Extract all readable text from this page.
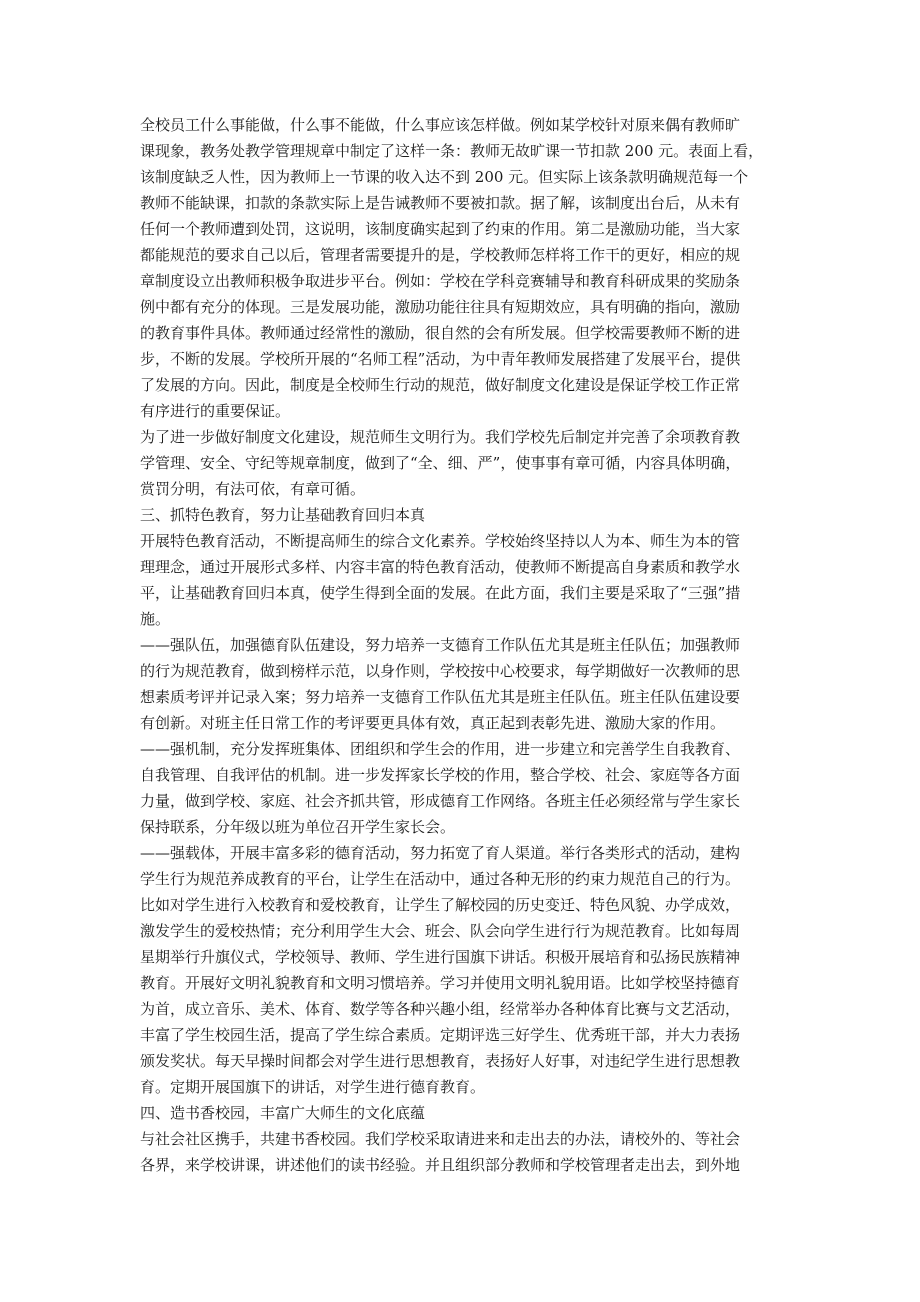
全校员工什么事能做，什么事不能做，什么事应该怎样做。例如某学校针对原来偶有教师旷
课现象，教务处教学管理规章中制定了这样一条：教师无故旷课一节扣款 200 元。表面上看，
该制度缺乏人性，因为教师上一节课的收入达不到 200 元。但实际上该条款明确规范每一个
教师不能缺课，扣款的条款实际上是告诫教师不要被扣款。据了解，该制度出台后，从未有
任何一个教师遭到处罚，这说明，该制度确实起到了约束的作用。第二是激励功能，当大家
都能规范的要求自己以后，管理者需要提升的是，学校教师怎样将工作干的更好，相应的规
章制度设立出教师积极争取进步平台。例如：学校在学科竞赛辅导和教育科研成果的奖励条
例中都有充分的体现。三是发展功能，激励功能往往具有短期效应，具有明确的指向，激励
的教育事件具体。教师通过经常性的激励，很自然的会有所发展。但学校需要教师不断的进
步，不断的发展。学校所开展的“名师工程”活动，为中青年教师发展搭建了发展平台，提供
了发展的方向。因此，制度是全校师生行动的规范，做好制度文化建设是保证学校工作正常
有序进行的重要保证。
为了进一步做好制度文化建设，规范师生文明行为。我们学校先后制定并完善了余项教育教
学管理、安全、守纪等规章制度，做到了“全、细、严”，使事事有章可循，内容具体明确，
赏罚分明，有法可依，有章可循。
三、抓特色教育，努力让基础教育回归本真
开展特色教育活动，不断提高师生的综合文化素养。学校始终坚持以人为本、师生为本的管
理理念，通过开展形式多样、内容丰富的特色教育活动，使教师不断提高自身素质和教学水
平，让基础教育回归本真，使学生得到全面的发展。在此方面，我们主要是采取了“三强”措
施。
——强队伍，加强德育队伍建设，努力培养一支德育工作队伍尤其是班主任队伍；加强教师
的行为规范教育，做到榜样示范，以身作则，学校按中心校要求，每学期做好一次教师的思
想素质考评并记录入案；努力培养一支德育工作队伍尤其是班主任队伍。班主任队伍建设要
有创新。对班主任日常工作的考评要更具体有效，真正起到表彰先进、激励大家的作用。
——强机制，充分发挥班集体、团组织和学生会的作用，进一步建立和完善学生自我教育、
自我管理、自我评估的机制。进一步发挥家长学校的作用，整合学校、社会、家庭等各方面
力量，做到学校、家庭、社会齐抓共管，形成德育工作网络。各班主任必须经常与学生家长
保持联系，分年级以班为单位召开学生家长会。
——强载体，开展丰富多彩的德育活动，努力拓宽了育人渠道。举行各类形式的活动，建构
学生行为规范养成教育的平台，让学生在活动中，通过各种无形的约束力规范自己的行为。
比如对学生进行入校教育和爱校教育，让学生了解校园的历史变迁、特色风貌、办学成效，
激发学生的爱校热情；充分利用学生大会、班会、队会向学生进行行为规范教育。比如每周
星期举行升旗仪式，学校领导、教师、学生进行国旗下讲话。积极开展培育和弘扬民族精神
教育。开展好文明礼貌教育和文明习惯培养。学习并使用文明礼貌用语。比如学校坚持德育
为首，成立音乐、美术、体育、数学等各种兴趣小组，经常举办各种体育比赛与文艺活动，
丰富了学生校园生活，提高了学生综合素质。定期评选三好学生、优秀班干部，并大力表扬
颁发奖状。每天早操时间都会对学生进行思想教育，表扬好人好事，对违纪学生进行思想教
育。定期开展国旗下的讲话，对学生进行德育教育。
四、造书香校园，丰富广大师生的文化底蕴
与社会社区携手，共建书香校园。我们学校采取请进来和走出去的办法，请校外的、等社会
各界，来学校讲课，讲述他们的读书经验。并且组织部分教师和学校管理者走出去，到外地
